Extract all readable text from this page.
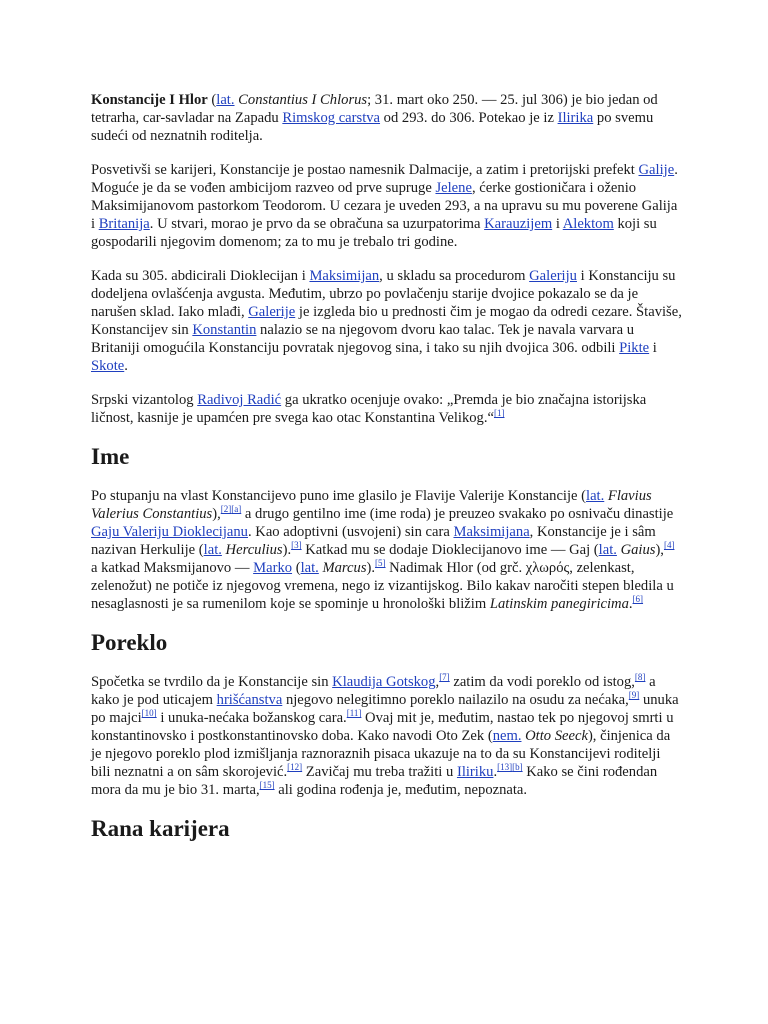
Konstancije I Hlor (lat. Constantius I Chlorus; 31. mart oko 250. — 25. jul 306) je bio jedan od tetrarha, car-savladar na Zapadu Rimskog carstva od 293. do 306. Potekao je iz Ilirika po svemu sudeći od neznatnih roditelja.

Posvetivši se karijeri, Konstancije je postao namesnik Dalmacije, a zatim i pretorijski prefekt Galije. Moguće je da se vođen ambicijom razveo od prve supruge Jelene, ćerke gostioničara i oženio Maksimijanovom pastorkom Teodorom. U cezara je uveden 293, a na upravu su mu poverene Galija i Britanija. U stvari, morao je prvo da se obračuna sa uzurpatorima Karauzijem i Alektom koji su gospodarili njegovim domenom; za to mu je trebalo tri godine.

Kada su 305. abdicirali Dioklecijan i Maksimijan, u skladu sa procedurom Galeriju i Konstanciju su dodeljena ovlašćenja avgusta. Međutim, ubrzo po povlačenju starije dvojice pokazalo se da je narušen sklad. Iako mlađi, Galerije je izgleda bio u prednosti čim je mogao da odredi cezare. Štaviše, Konstancijev sin Konstantin nalazio se na njegovom dvoru kao talac. Tek je navala varvara u Britaniji omogućila Konstanciju povratak njegovog sina, i tako su njih dvojica 306. odbili Pikte i Skote.

Srpski vizantolog Radivoj Radić ga ukratko ocenjuje ovako: „Premda je bio značajna istorijska ličnost, kasnije je upamćen pre svega kao otac Konstantina Velikog.“[1]

Ime

Po stupanju na vlast Konstancijevo puno ime glasilo je Flavije Valerije Konstancije (lat. Flavius Valerius Constantius),[2][a] a drugo gentilno ime (ime roda) je preuzeo svakako po osnivaču dinastije Gaju Valeriju Dioklecijanu. Kao adoptivni (usvojeni) sin cara Maksimijana, Konstancije je i sâm nazivan Herkulije (lat. Herculius).[3] Katkad mu se dodaje Dioklecijanovo ime — Gaj (lat. Gaius),[4] a katkad Maksmijanovo — Marko (lat. Marcus).[5] Nadimak Hlor (od grč. χλωρός, zelenkast, zelenožut) ne potiče iz njegovog vremena, nego iz vizantijskog. Bilo kakav naročiti stepen bledila u nesaglasnosti je sa rumenilom koje se spominje u hronološki bližim Latinskim panegiricima.[6]

Poreklo

Spočetka se tvrdilo da je Konstancije sin Klaudija Gotskog,[7] zatim da vodi poreklo od istog,[8] a kako je pod uticajem hrišćanstva njegovo nelegitimno poreklo nailazilo na osudu za nećaka,[9] unuka po majci[10] i unuka-nećaka božanskog cara.[11] Ovaj mit je, međutim, nastao tek po njegovoj smrti u konstantinovsko i postkonstantinovsko doba. Kako navodi Oto Zek (nem. Otto Seeck), činjenica da je njegovo poreklo plod izmišljanja raznoraznih pisaca ukazuje na to da su Konstancijevi roditelji bili neznatni a on sâm skorojević.[12] Zavičaj mu treba tražiti u Iliriku.[13][b] Kako se čini rođendan mora da mu je bio 31. marta,[15] ali godina rođenja je, međutim, nepoznata.

Rana karijera
